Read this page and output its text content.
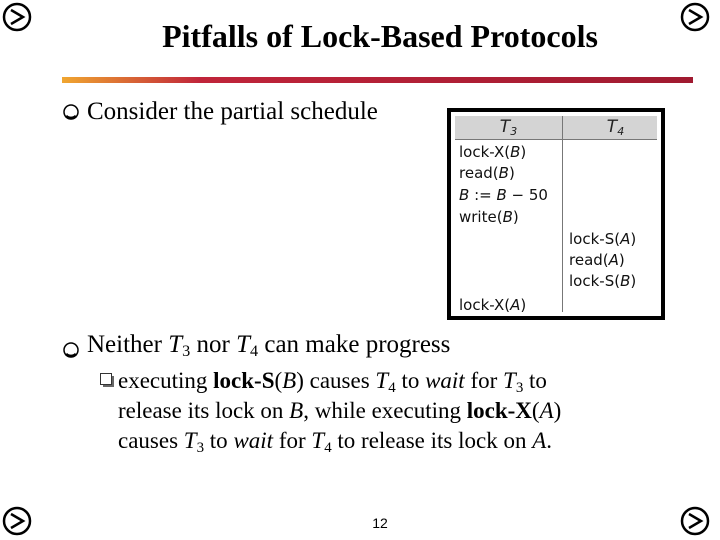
Pitfalls of Lock-Based Protocols
Consider the partial schedule
$T_3$	$T_4$
lock-X(B)
read(B)
B := B − 50
write(B)
lock-S(A)
read(A)
lock-S(B)
lock-X(A)
Neither $T_3$ nor $T_4$ can make progress
executing lock-S(B) causes $T_4$ to wait for $T_3$ to
release its lock on B, while executing lock-X(A)
causes $T_3$ to wait for $T_4$ to release its lock on A.
12
